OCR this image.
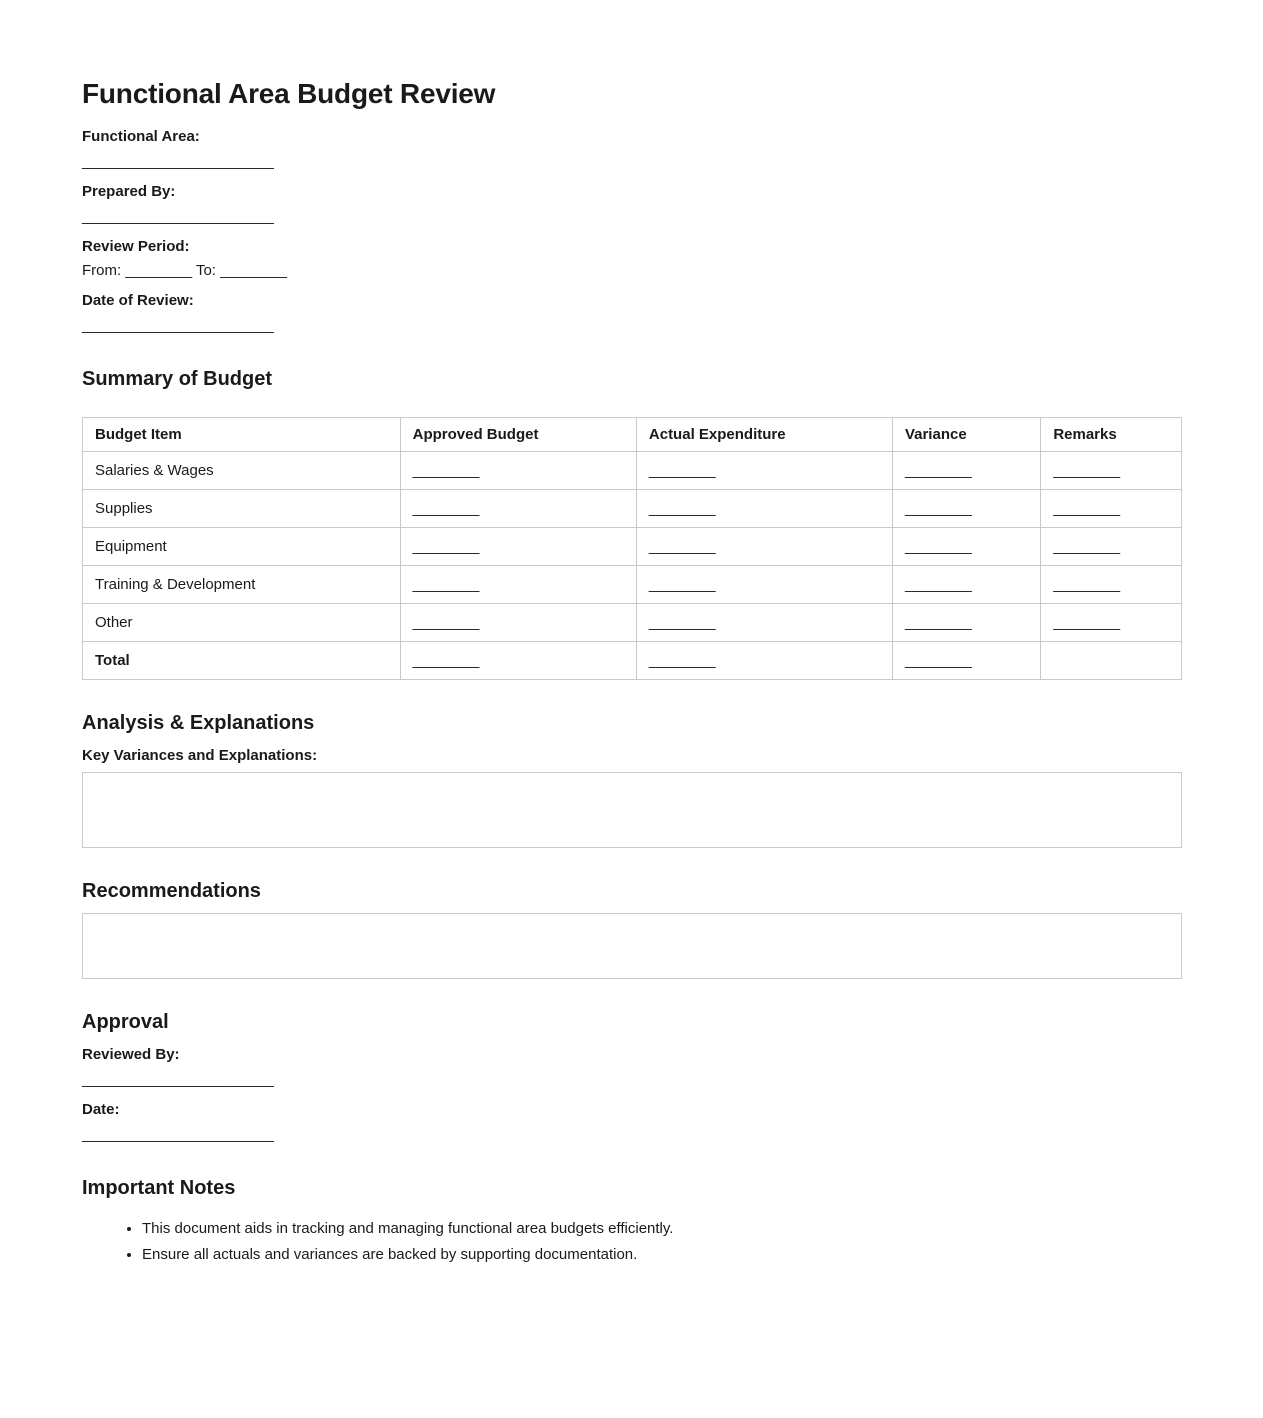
Functional Area Budget Review

Functional Area:

_______________________

Prepared By:

_______________________

Review Period:

From: ________ To: ________

Date of Review:

_______________________

Summary of Budget
Budget Item	Approved Budget	Actual Expenditure	Variance	Remarks
Salaries & Wages	________	________	________	________
Supplies	________	________	________	________
Equipment	________	________	________	________
Training & Development	________	________	________	________
Other	________	________	________	________
Total	________	________	________	
Analysis & Explanations

Key Variances and Explanations:

Recommendations
Approval

Reviewed By:

_______________________

Date:

_______________________

Important Notes
• This document aids in tracking and managing functional area budgets efficiently.
• Ensure all actuals and variances are backed by supporting documentation.
